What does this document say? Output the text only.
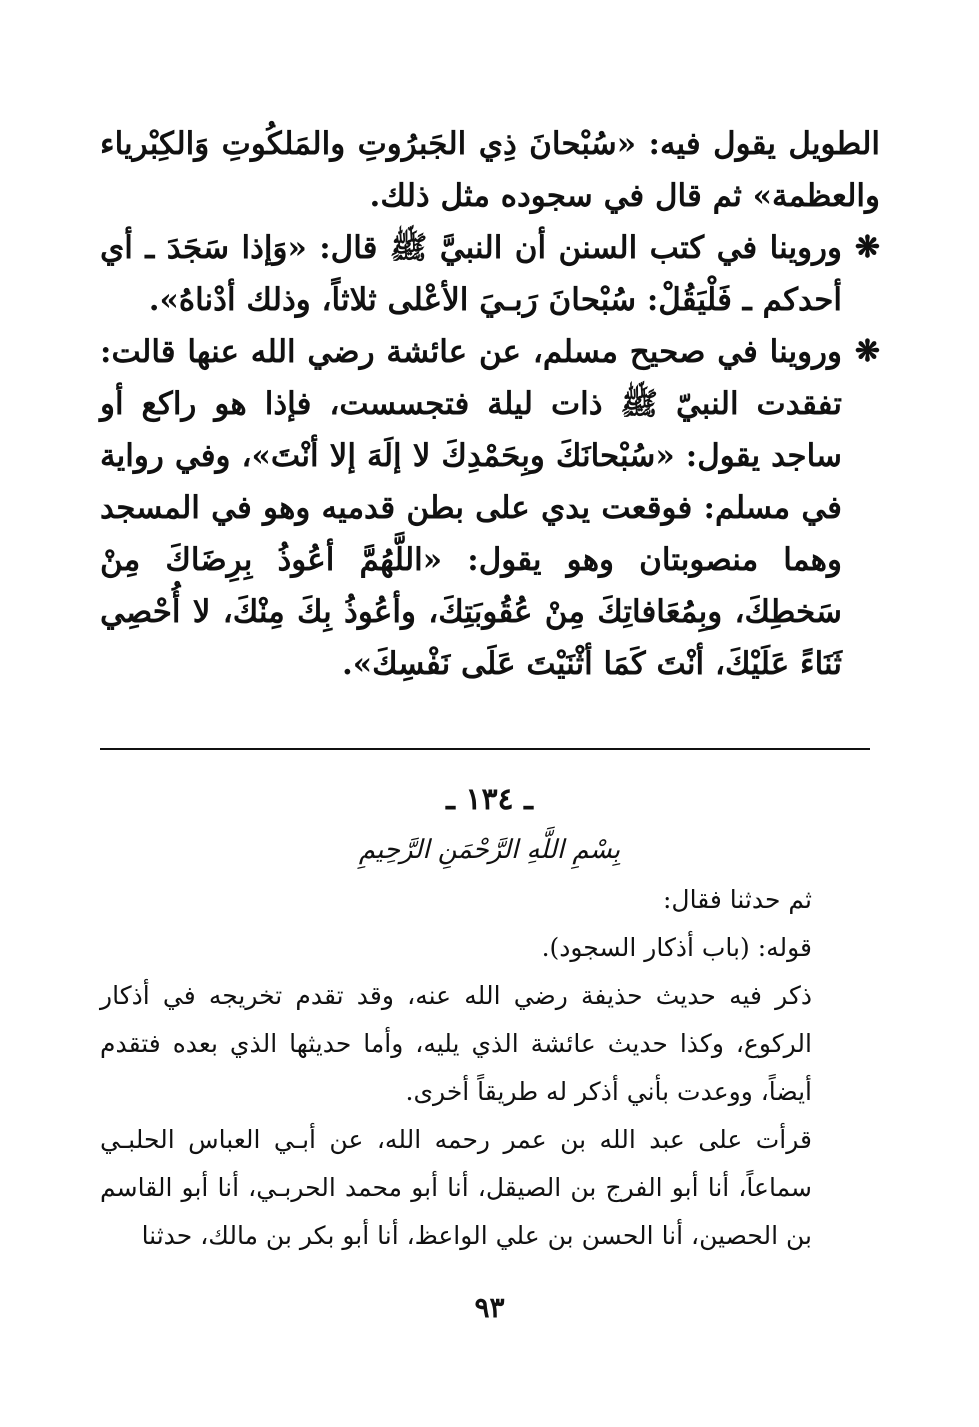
الطويل يقول فيه: «سُبْحانَ ذِي الجَبرُوتِ والمَلكُوتِ وَالكِبْرياء والعظمة» ثم قال في سجوده مثل ذلك.

❋
وروينا في كتب السنن أن النبيَّ ﷺ قال: «وَإذا سَجَدَ ـ أي أحدكم ـ فَلْيَقُلْ: سُبْحانَ رَبـيَ الأعْلى ثلاثاً، وذلك أدْناهُ».

❋
وروينا في صحيح مسلم، عن عائشة رضي الله عنها قالت: تفقدت النبيّ ﷺ ذات ليلة فتجسست، فإذا هو راكع أو ساجد يقول: «سُبْحانَكَ وبِحَمْدِكَ لا إلَهَ إلا أنْتَ»، وفي رواية في مسلم: فوقعت يدي على بطن قدميه وهو في المسجد وهما منصوبتان وهو يقول: «اللَّهُمَّ أعُوذُ بِرِضَاكَ مِنْ سَخطِكَ، وبِمُعَافاتِكَ مِنْ عُقُوبَتِكَ، وأعُوذُ بِكَ مِنْكَ، لا أُحْصِي ثَنَاءً عَلَيْكَ، أنْتَ كَمَا أثْنَيْتَ عَلَى نَفْسِكَ».

ـ ١٣٤ ـ
بِسْمِ اللَّهِ الرَّحْمَنِ الرَّحِيمِ

ثم حدثنا فقال:

قوله: (باب أذكار السجود).

ذكر فيه حديث حذيفة رضي الله عنه، وقد تقدم تخريجه في أذكار الركوع، وكذا حديث عائشة الذي يليه، وأما حديثها الذي بعده فتقدم أيضاً، ووعدت بأني أذكر له طريقاً أخرى.

قرأت على عبد الله بن عمر رحمه الله، عن أبـي العباس الحلبـي سماعاً، أنا أبو الفرج بن الصيقل، أنا أبو محمد الحربـي، أنا أبو القاسم بن الحصين، أنا الحسن بن علي الواعظ، أنا أبو بكر بن مالك، حدثنا

٩٣
